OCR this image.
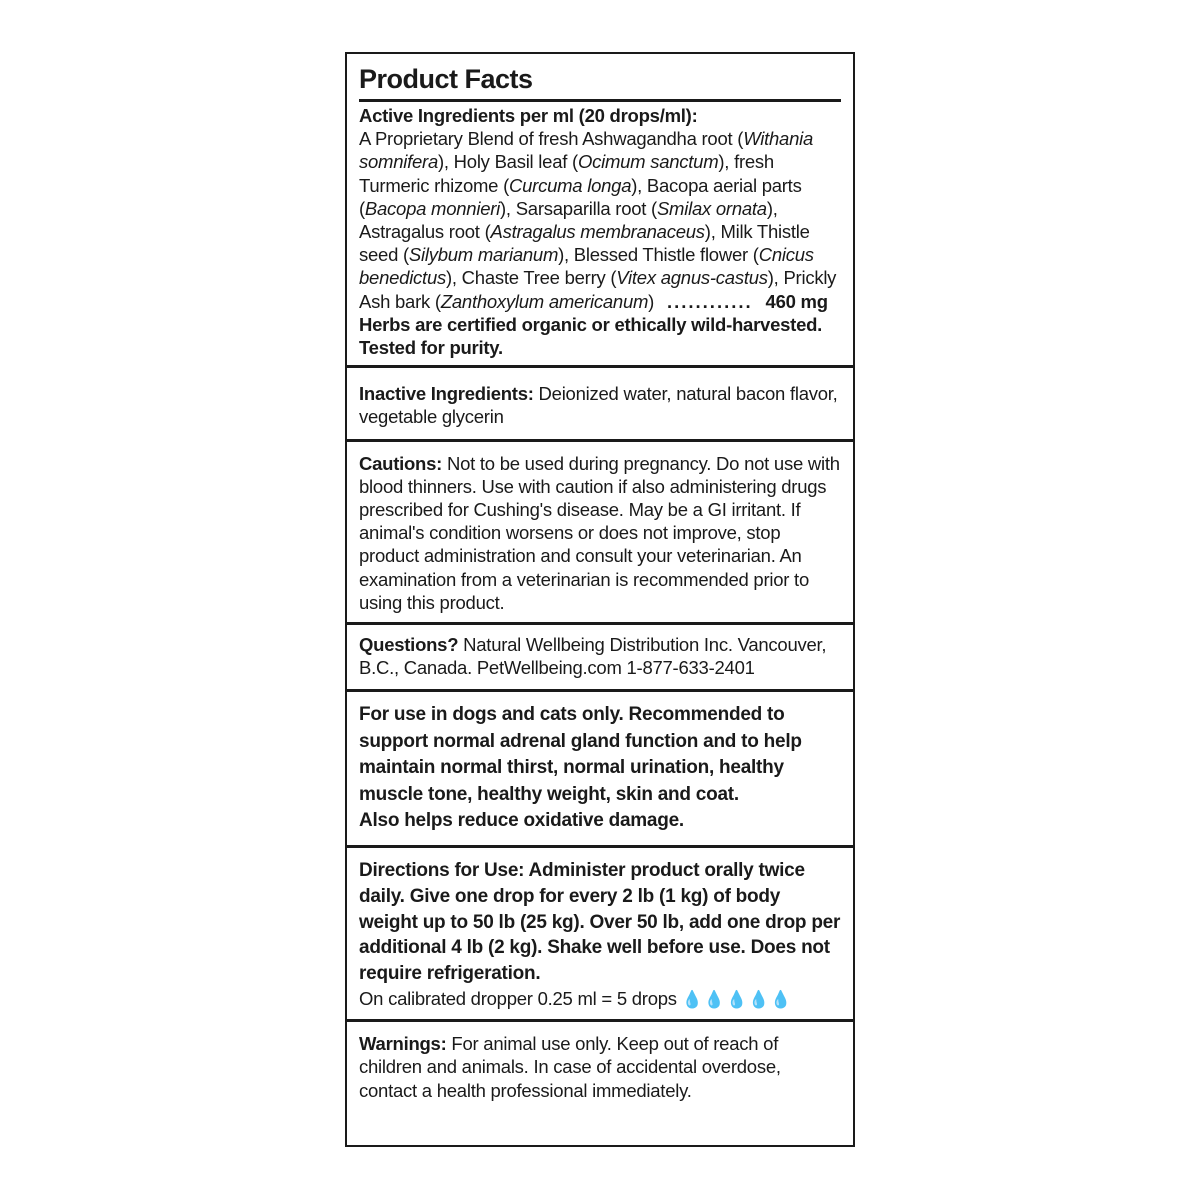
Product Facts
Active Ingredients per ml (20 drops/ml):
A Proprietary Blend of fresh Ashwagandha root (Withania somnifera), Holy Basil leaf (Ocimum sanctum), fresh Turmeric rhizome (Curcuma longa), Bacopa aerial parts (Bacopa monnieri), Sarsaparilla root (Smilax ornata), Astragalus root (Astragalus membranaceus), Milk Thistle seed (Silybum marianum), Blessed Thistle flower (Cnicus benedictus), Chaste Tree berry (Vitex agnus-castus), Prickly Ash bark (Zanthoxylum americanum) ............ 460 mg
Herbs are certified organic or ethically wild-harvested. Tested for purity.
Inactive Ingredients: Deionized water, natural bacon flavor, vegetable glycerin
Cautions: Not to be used during pregnancy. Do not use with blood thinners. Use with caution if also administering drugs prescribed for Cushing's disease. May be a GI irritant. If animal's condition worsens or does not improve, stop product administration and consult your veterinarian. An examination from a veterinarian is recommended prior to using this product.
Questions? Natural Wellbeing Distribution Inc. Vancouver, B.C., Canada. PetWellbeing.com 1-877-633-2401
For use in dogs and cats only. Recommended to support normal adrenal gland function and to help maintain normal thirst, normal urination, healthy muscle tone, healthy weight, skin and coat.
Also helps reduce oxidative damage.
Directions for Use: Administer product orally twice daily. Give one drop for every 2 lb (1 kg) of body weight up to 50 lb (25 kg). Over 50 lb, add one drop per additional 4 lb (2 kg). Shake well before use. Does not require refrigeration.
On calibrated dropper 0.25 ml = 5 drops 💧💧💧💧💧
Warnings: For animal use only. Keep out of reach of children and animals. In case of accidental overdose, contact a health professional immediately.
